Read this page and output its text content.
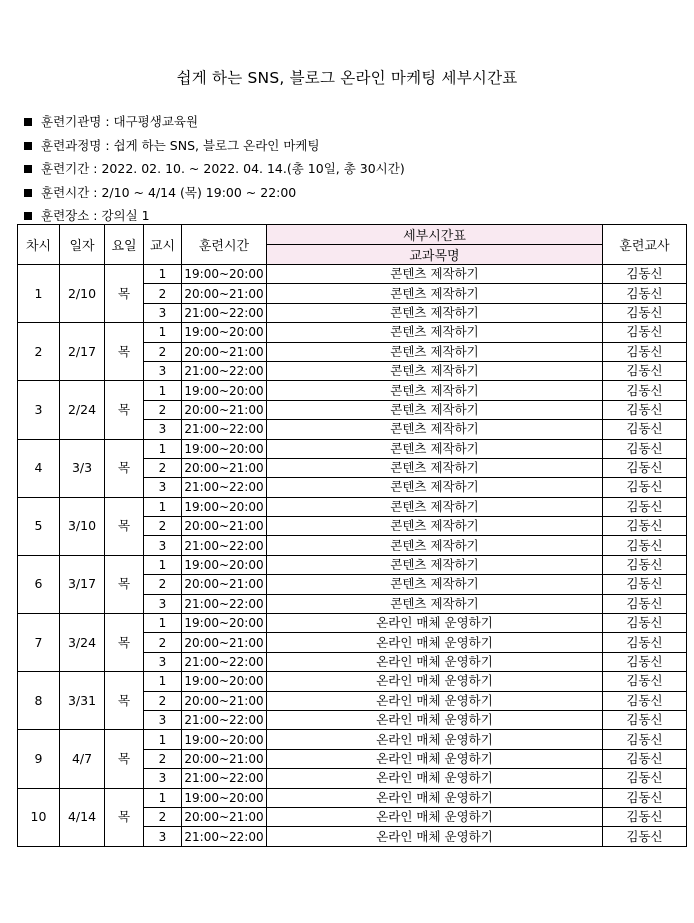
쉽게 하는 SNS, 블로그 온라인 마케팅 세부시간표
훈련기관명 : 대구평생교육원
훈련과정명 : 쉽게 하는 SNS, 블로그 온라인 마케팅
훈련기간 : 2022. 02. 10. ~ 2022. 04. 14.(총 10일, 총 30시간)
훈련시간 : 2/10 ~ 4/14 (목) 19:00 ~ 22:00
훈련장소 : 강의실 1
차시	일자	요일	교시	훈련시간	세부시간표	훈련교사
					교과목명	
1	2/10	목	1	19:00~20:00	콘텐츠 제작하기	김동신
			2	20:00~21:00	콘텐츠 제작하기	김동신
			3	21:00~22:00	콘텐츠 제작하기	김동신
2	2/17	목	1	19:00~20:00	콘텐츠 제작하기	김동신
			2	20:00~21:00	콘텐츠 제작하기	김동신
			3	21:00~22:00	콘텐츠 제작하기	김동신
3	2/24	목	1	19:00~20:00	콘텐츠 제작하기	김동신
			2	20:00~21:00	콘텐츠 제작하기	김동신
			3	21:00~22:00	콘텐츠 제작하기	김동신
4	3/3	목	1	19:00~20:00	콘텐츠 제작하기	김동신
			2	20:00~21:00	콘텐츠 제작하기	김동신
			3	21:00~22:00	콘텐츠 제작하기	김동신
5	3/10	목	1	19:00~20:00	콘텐츠 제작하기	김동신
			2	20:00~21:00	콘텐츠 제작하기	김동신
			3	21:00~22:00	콘텐츠 제작하기	김동신
6	3/17	목	1	19:00~20:00	콘텐츠 제작하기	김동신
			2	20:00~21:00	콘텐츠 제작하기	김동신
			3	21:00~22:00	콘텐츠 제작하기	김동신
7	3/24	목	1	19:00~20:00	온라인 매체 운영하기	김동신
			2	20:00~21:00	온라인 매체 운영하기	김동신
			3	21:00~22:00	온라인 매체 운영하기	김동신
8	3/31	목	1	19:00~20:00	온라인 매체 운영하기	김동신
			2	20:00~21:00	온라인 매체 운영하기	김동신
			3	21:00~22:00	온라인 매체 운영하기	김동신
9	4/7	목	1	19:00~20:00	온라인 매체 운영하기	김동신
			2	20:00~21:00	온라인 매체 운영하기	김동신
			3	21:00~22:00	온라인 매체 운영하기	김동신
10	4/14	목	1	19:00~20:00	온라인 매체 운영하기	김동신
			2	20:00~21:00	온라인 매체 운영하기	김동신
			3	21:00~22:00	온라인 매체 운영하기	김동신
